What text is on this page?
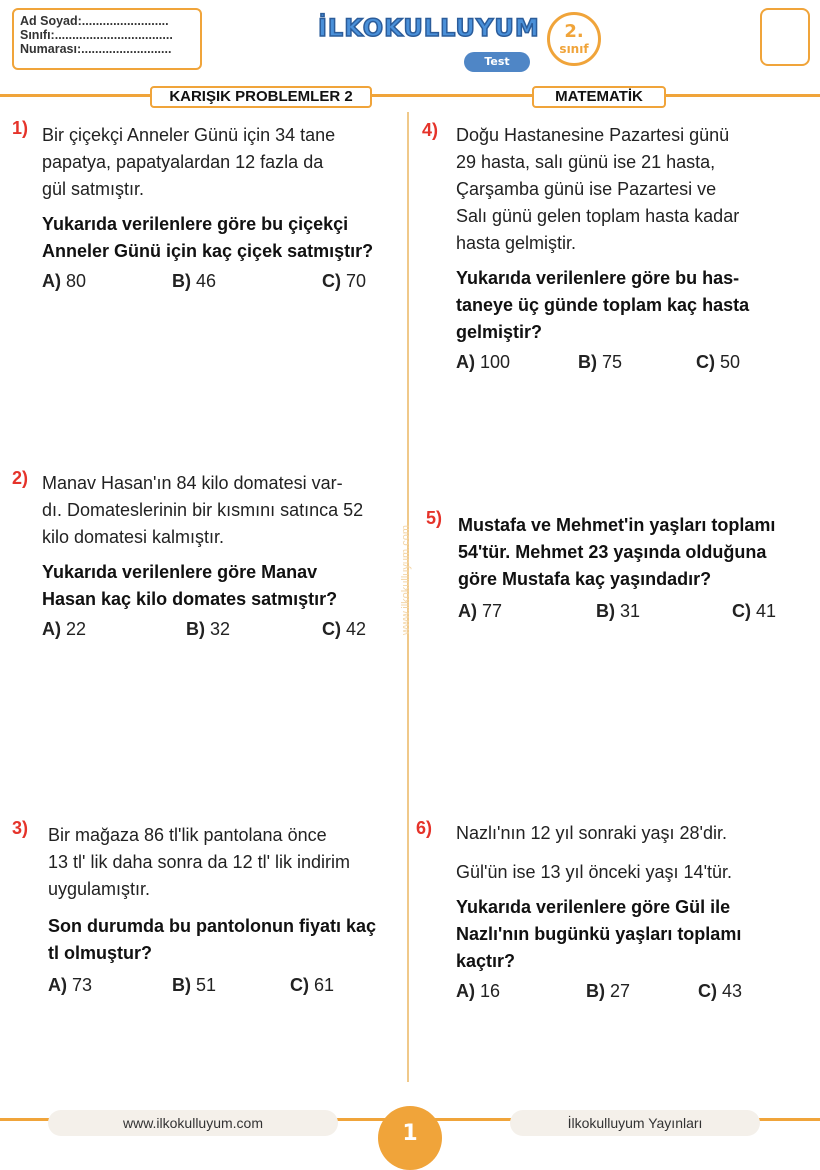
Ad Soyad:.........................
Sınıfı:..................................
Numarası:..........................
İLKOKULLUYUM
Test
2.
sınıf
KARIŞIK PROBLEMLER 2	MATEMATİK
www.ilkokulluyum.com
1) Bir çiçekçi Anneler Günü için 34 tane
papatya, papatyalardan 12 fazla da
gül satmıştır.
Yukarıda verilenlere göre bu çiçekçi
Anneler Günü için kaç çiçek satmıştır?
A) 80	B) 46	C) 70
2) Manav Hasan'ın 84 kilo domatesi var-
dı. Domateslerinin bir kısmını satınca 52
kilo domatesi kalmıştır.
Yukarıda verilenlere göre Manav
Hasan kaç kilo domates satmıştır?
A) 22	B) 32	C) 42
3) Bir mağaza 86 tl'lik pantolana önce
13 tl' lik daha sonra da 12 tl' lik indirim
uygulamıştır.
Son durumda bu pantolonun fiyatı kaç
tl olmuştur?
A) 73	B) 51	C) 61
4) Doğu Hastanesine Pazartesi günü
29 hasta, salı günü ise 21 hasta,
Çarşamba günü ise Pazartesi ve
Salı günü gelen toplam hasta kadar
hasta gelmiştir.
Yukarıda verilenlere göre bu has-
taneye üç günde toplam kaç hasta
gelmiştir?
A) 100	B) 75	C) 50
5) Mustafa ve Mehmet'in yaşları toplamı
54'tür. Mehmet 23 yaşında olduğuna
göre Mustafa kaç yaşındadır?
A) 77	B) 31	C) 41
6) Nazlı'nın 12 yıl sonraki yaşı 28'dir.
Gül'ün ise 13 yıl önceki yaşı 14'tür.
Yukarıda verilenlere göre Gül ile
Nazlı'nın bugünkü yaşları toplamı
kaçtır?
A) 16	B) 27	C) 43
www.ilkokulluyum.com	İlkokulluyum Yayınları
1
